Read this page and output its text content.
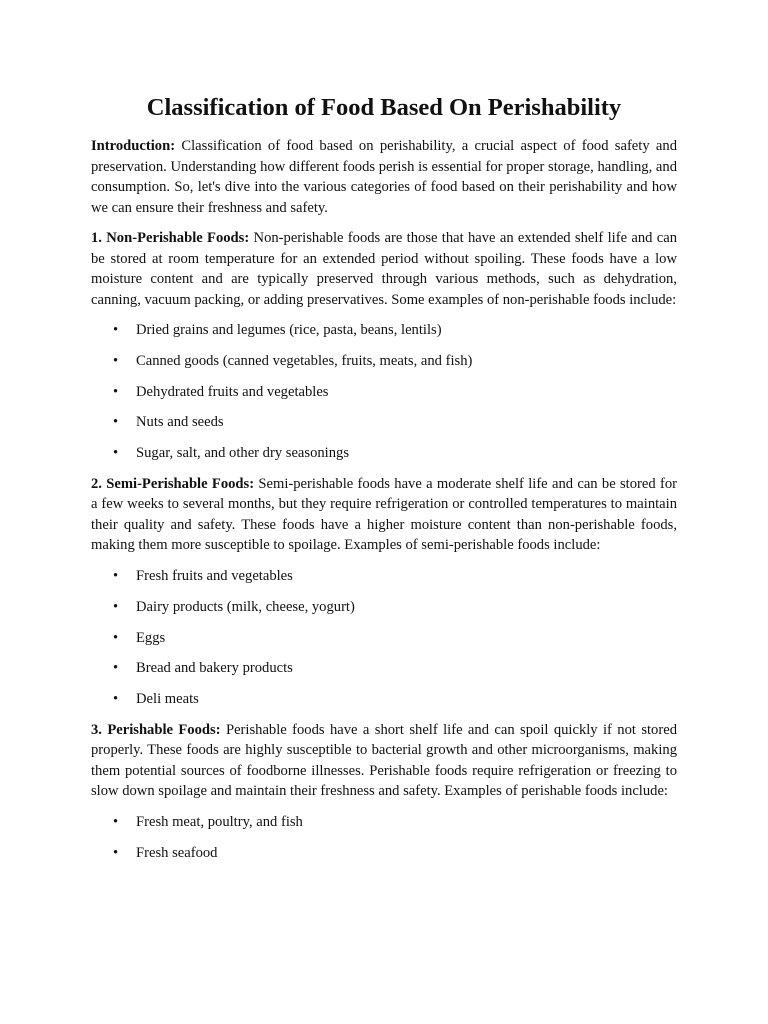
Classification of Food Based On Perishability

Introduction: Classification of food based on perishability, a crucial aspect of food safety and preservation. Understanding how different foods perish is essential for proper storage, handling, and consumption. So, let's dive into the various categories of food based on their perishability and how we can ensure their freshness and safety.

1. Non-Perishable Foods: Non-perishable foods are those that have an extended shelf life and can be stored at room temperature for an extended period without spoiling. These foods have a low moisture content and are typically preserved through various methods, such as dehydration, canning, vacuum packing, or adding preservatives. Some examples of non-perishable foods include:

• Dried grains and legumes (rice, pasta, beans, lentils)
• Canned goods (canned vegetables, fruits, meats, and fish)
• Dehydrated fruits and vegetables
• Nuts and seeds
• Sugar, salt, and other dry seasonings

2. Semi-Perishable Foods: Semi-perishable foods have a moderate shelf life and can be stored for a few weeks to several months, but they require refrigeration or controlled temperatures to maintain their quality and safety. These foods have a higher moisture content than non-perishable foods, making them more susceptible to spoilage. Examples of semi-perishable foods include:

• Fresh fruits and vegetables
• Dairy products (milk, cheese, yogurt)
• Eggs
• Bread and bakery products
• Deli meats

3. Perishable Foods: Perishable foods have a short shelf life and can spoil quickly if not stored properly. These foods are highly susceptible to bacterial growth and other microorganisms, making them potential sources of foodborne illnesses. Perishable foods require refrigeration or freezing to slow down spoilage and maintain their freshness and safety. Examples of perishable foods include:

• Fresh meat, poultry, and fish
• Fresh seafood
